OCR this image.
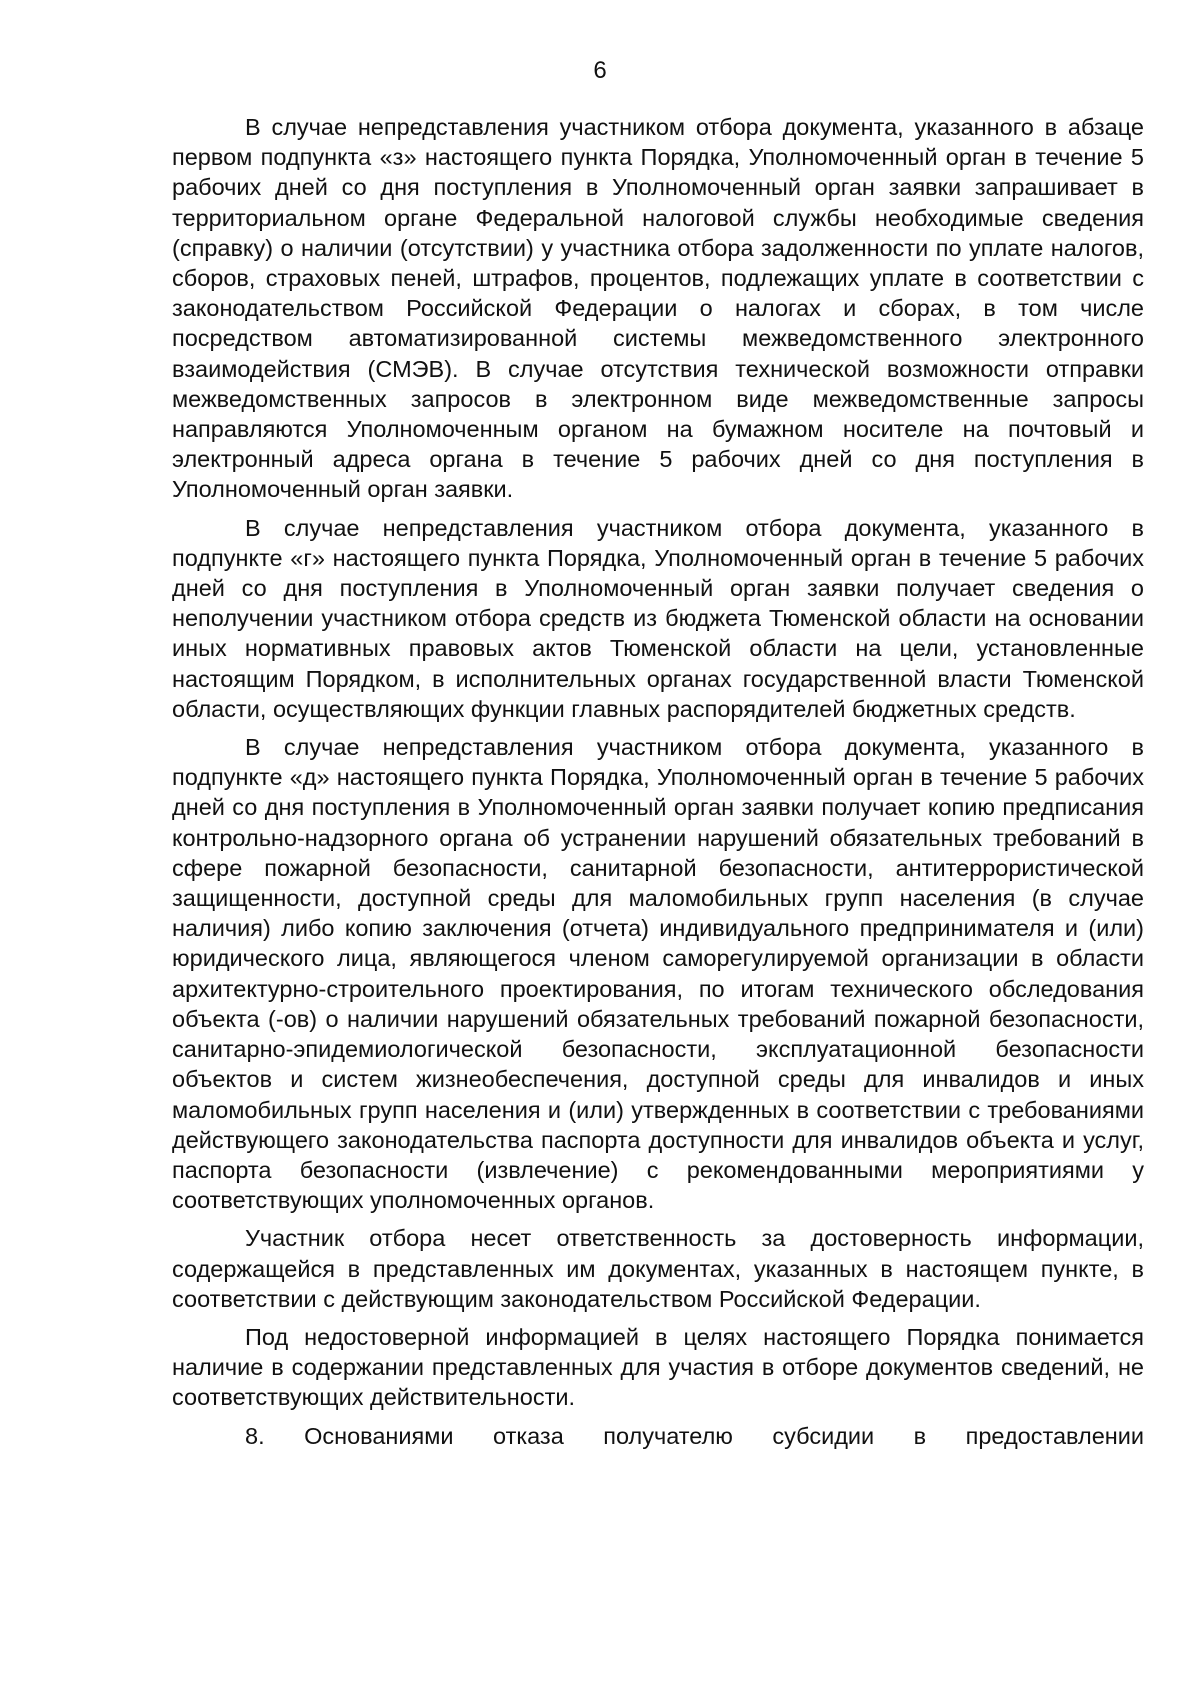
6

В случае непредставления участником отбора документа, указанного в абзаце первом подпункта «з» настоящего пункта Порядка, Уполномоченный орган в течение 5 рабочих дней со дня поступления в Уполномоченный орган заявки запрашивает в территориальном органе Федеральной налоговой службы необходимые сведения (справку) о наличии (отсутствии) у участника отбора задолженности по уплате налогов, сборов, страховых пеней, штрафов, процентов, подлежащих уплате в соответствии с законодательством Российской Федерации о налогах и сборах, в том числе посредством автоматизированной системы межведомственного электронного взаимодействия (СМЭВ). В случае отсутствия технической возможности отправки межведомственных запросов в электронном виде межведомственные запросы направляются Уполномоченным органом на бумажном носителе на почтовый и электронный адреса органа в течение 5 рабочих дней со дня поступления в Уполномоченный орган заявки.

В случае непредставления участником отбора документа, указанного в подпункте «г» настоящего пункта Порядка, Уполномоченный орган в течение 5 рабочих дней со дня поступления в Уполномоченный орган заявки получает сведения о неполучении участником отбора средств из бюджета Тюменской области на основании иных нормативных правовых актов Тюменской области на цели, установленные настоящим Порядком, в исполнительных органах государственной власти Тюменской области, осуществляющих функции главных распорядителей бюджетных средств.

В случае непредставления участником отбора документа, указанного в подпункте «д» настоящего пункта Порядка, Уполномоченный орган в течение 5 рабочих дней со дня поступления в Уполномоченный орган заявки получает копию предписания контрольно-надзорного органа об устранении нарушений обязательных требований в сфере пожарной безопасности, санитарной безопасности, антитеррористической защищенности, доступной среды для маломобильных групп населения (в случае наличия) либо копию заключения (отчета) индивидуального предпринимателя и (или) юридического лица, являющегося членом саморегулируемой организации в области архитектурно-строительного проектирования, по итогам технического обследования объекта (-ов) о наличии нарушений обязательных требований пожарной безопасности, санитарно-эпидемиологической безопасности, эксплуатационной безопасности объектов и систем жизнеобеспечения, доступной среды для инвалидов и иных маломобильных групп населения и (или) утвержденных в соответствии с требованиями действующего законодательства паспорта доступности для инвалидов объекта и услуг, паспорта безопасности (извлечение) с рекомендованными мероприятиями у соответствующих уполномоченных органов.

Участник отбора несет ответственность за достоверность информации, содержащейся в представленных им документах, указанных в настоящем пункте, в соответствии с действующим законодательством Российской Федерации.

Под недостоверной информацией в целях настоящего Порядка понимается наличие в содержании представленных для участия в отборе документов сведений, не соответствующих действительности.

8. Основаниями отказа получателю субсидии в предоставлении
